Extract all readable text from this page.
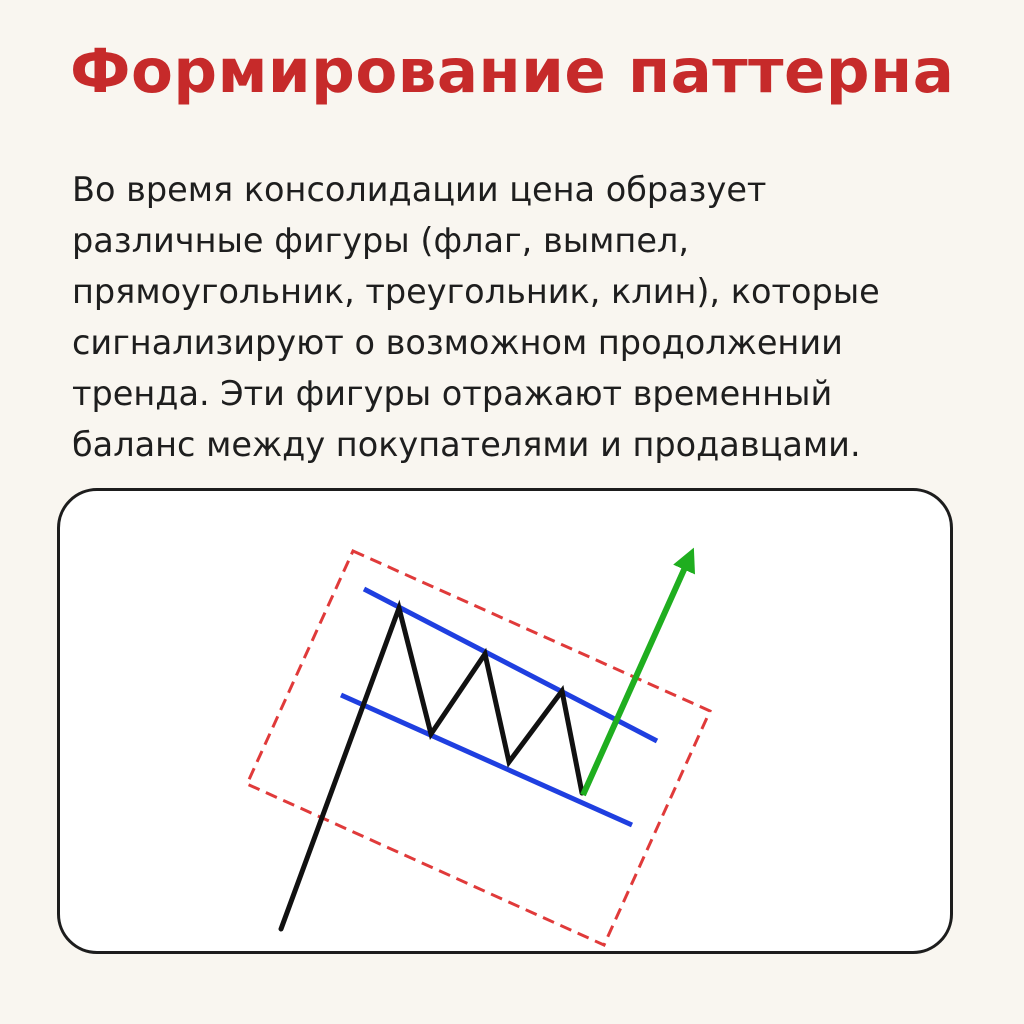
Формирование паттерна

Во время консолидации цена образует
различные фигуры (флаг, вымпел,
прямоугольник, треугольник, клин), которые
сигнализируют о возможном продолжении
тренда. Эти фигуры отражают временный
баланс между покупателями и продавцами.
